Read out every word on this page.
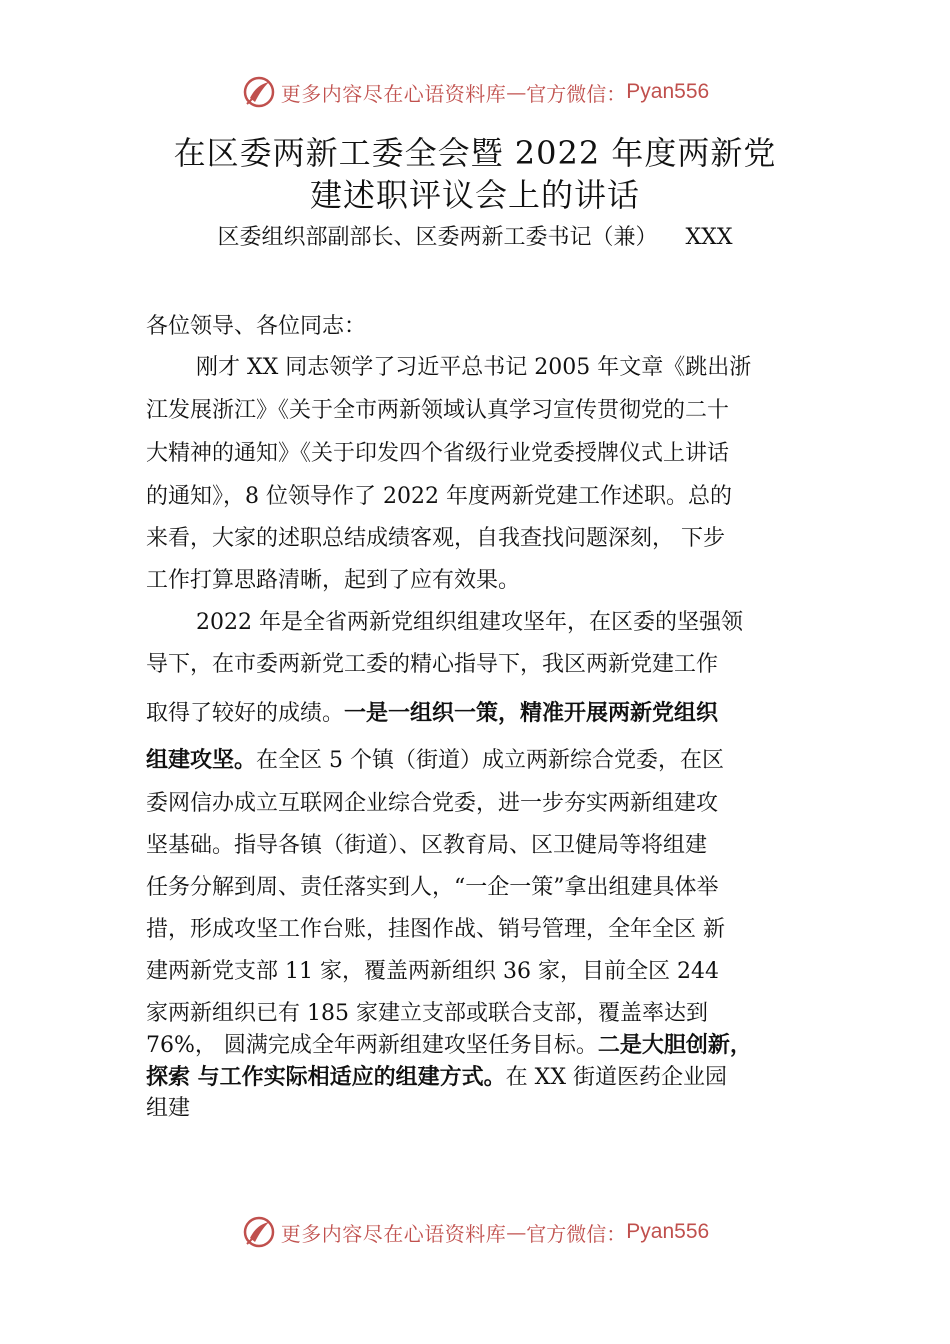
更多内容尽在心语资料库 — 官方微信： Pyan556
在区委两新工委全会暨 2022 年度两新党
建述职评议会上的讲话
区委组织部副部长、区委两新工委书记（兼） XXX
各位领导、各位同志：
刚才 XX 同志领学了习近平总书记 2005 年文章《跳出浙
江发展浙江》《关于全市两新领域认真学习宣传贯彻党的二十
大精神的通知》《关于印发四个省级行业党委授牌仪式上讲话
的通知》，8 位领导作了 2022 年度两新党建工作述职。总的
来看，大家的述职总结成绩客观，自我查找问题深刻， 下步
工作打算思路清晰，起到了应有效果。
2022 年是全省两新党组织组建攻坚年，在区委的坚强领
导下，在市委两新党工委的精心指导下，我区两新党建工作
取得了较好的成绩。一是一组织一策，精准开展两新党组织
组建攻坚。在全区 5 个镇（街道）成立两新综合党委，在区
委网信办成立互联网企业综合党委，进一步夯实两新组建攻
坚基础。指导各镇（街道）、区教育局、区卫健局等将组建
任务分解到周、责任落实到人，“一企一策”拿出组建具体举
措，形成攻坚工作台账，挂图作战、销号管理，全年全区 新
建两新党支部 11 家，覆盖两新组织 36 家，目前全区 244
家两新组织已有 185 家建立支部或联合支部，覆盖率达到
76%， 圆满完成全年两新组建攻坚任务目标。二是大胆创新，
探索 与工作实际相适应的组建方式。在 XX 街道医药企业园
组建
更多内容尽在心语资料库 — 官方微信： Pyan556
